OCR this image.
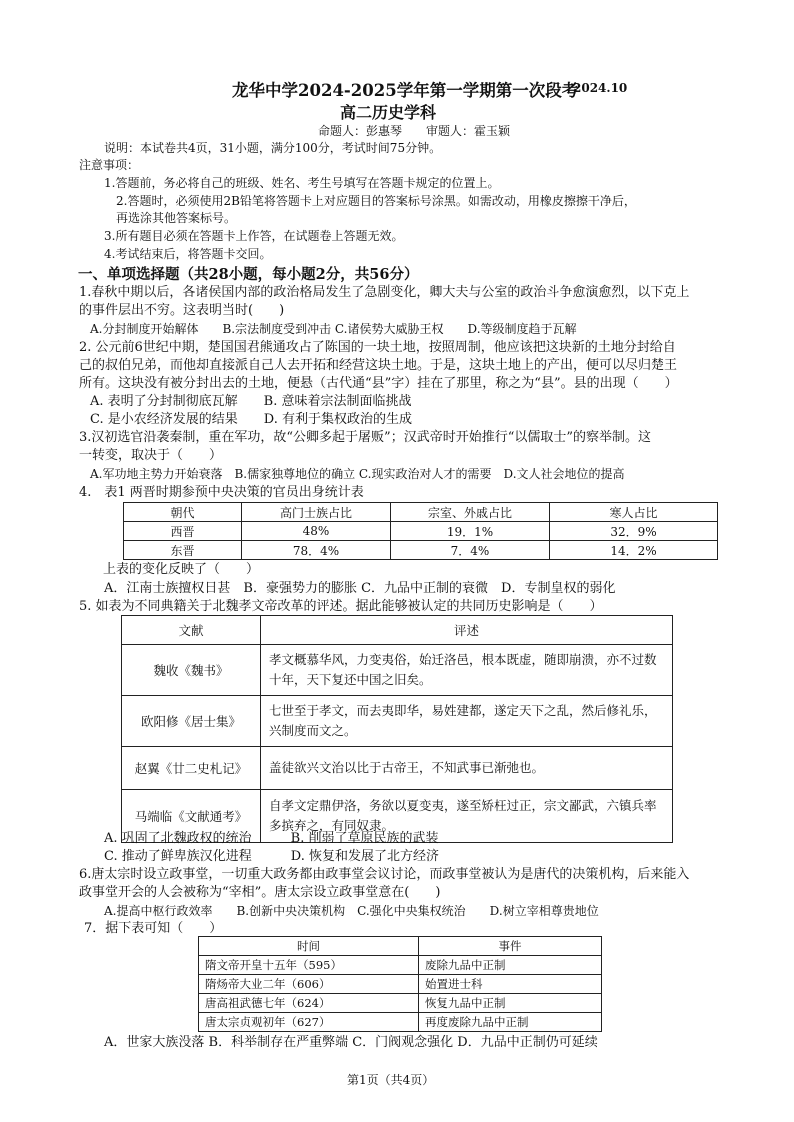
龙华中学2024-2025学年第一学期第一次段考
2024.10
高二历史学科
命题人：彭惠琴　　审题人：霍玉颖
说明：本试卷共4页，31小题，满分100分，考试时间75分钟。
注意事项：
1.答题前，务必将自己的班级、姓名、考生号填写在答题卡规定的位置上。
2.答题时，必须使用2B铅笔将答题卡上对应题目的答案标号涂黑。如需改动，用橡皮擦擦干净后，
再选涂其他答案标号。
3.所有题目必须在答题卡上作答，在试题卷上答题无效。
4.考试结束后，将答题卡交回。
一、单项选择题（共28小题，每小题2分，共56分）
1.春秋中期以后，各诸侯国内部的政治格局发生了急剧变化，卿大夫与公室的政治斗争愈演愈烈，以下克上
的事件层出不穷。这表明当时(　　)
A.分封制度开始解体　　B.宗法制度受到冲击 C.诸侯势大威胁王权　　D.等级制度趋于瓦解
2. 公元前6世纪中期，楚国国君熊通攻占了陈国的一块土地，按照周制，他应该把这块新的土地分封给自
己的叔伯兄弟，而他却直接派自己人去开拓和经营这块土地。于是，这块土地上的产出，便可以尽归楚王
所有。这块没有被分封出去的土地，便悬（古代通“县”字）挂在了那里，称之为“县”。县的出现（　　）
A. 表明了分封制彻底瓦解　　B. 意味着宗法制面临挑战
C. 是小农经济发展的结果　　D. 有利于集权政治的生成
3.汉初选官沿袭秦制，重在军功，故“公卿多起于屠贩”；汉武帝时开始推行“以儒取士”的察举制。这
一转变，取决于（　　）
A.军功地主势力开始衰落　B.儒家独尊地位的确立 C.现实政治对人才的需要　D.文人社会地位的提高
4.　表1 两晋时期参预中央决策的官员出身统计表
朝代	高门士族占比	宗室、外戚占比	寒人占比
西晋	48%	19．1%	32．9%
东晋	78．4%	7．4%	14．2%
上表的变化反映了（　　）
A．江南士族擅权日甚　B．豪强势力的膨胀 C．九品中正制的衰微　D．专制皇权的弱化
5. 如表为不同典籍关于北魏孝文帝改革的评述。据此能够被认定的共同历史影响是（　　）
文献	评述
魏收《魏书》	孝文概慕华风，力变夷俗，始迁洛邑，根本既虚，随即崩溃，亦不过数十年，天下复还中国之旧矣。
欧阳修《居士集》	七世至于孝文，而去夷即华，易姓建都，遂定天下之乱，然后修礼乐，兴制度而文之。
赵翼《廿二史札记》	盖徒欲兴文治以比于古帝王，不知武事已渐弛也。
马端临《文献通考》	自孝文定鼎伊洛，务欲以夏变夷，遂至矫枉过正，宗文鄙武，六镇兵率多摈弃之，有同奴隶。
A. 巩固了北魏政权的统治　　　B. 削弱了草原民族的武装
C. 推动了鲜卑族汉化进程　　　D. 恢复和发展了北方经济
6.唐太宗时设立政事堂，一切重大政务都由政事堂会议讨论，而政事堂被认为是唐代的决策机构，后来能入
政事堂开会的人会被称为“宰相”。唐太宗设立政事堂意在(　　)
A.提高中枢行政效率　　B.创新中央决策机构　C.强化中央集权统治　　D.树立宰相尊贵地位
7．据下表可知（　　）
时间	事件
隋文帝开皇十五年（595）	废除九品中正制
隋炀帝大业二年（606）	始置进士科
唐高祖武德七年（624）	恢复九品中正制
唐太宗贞观初年（627）	再度废除九品中正制
A．世家大族没落 B．科举制存在严重弊端 C．门阀观念强化 D．九品中正制仍可延续
第1页（共4页）
